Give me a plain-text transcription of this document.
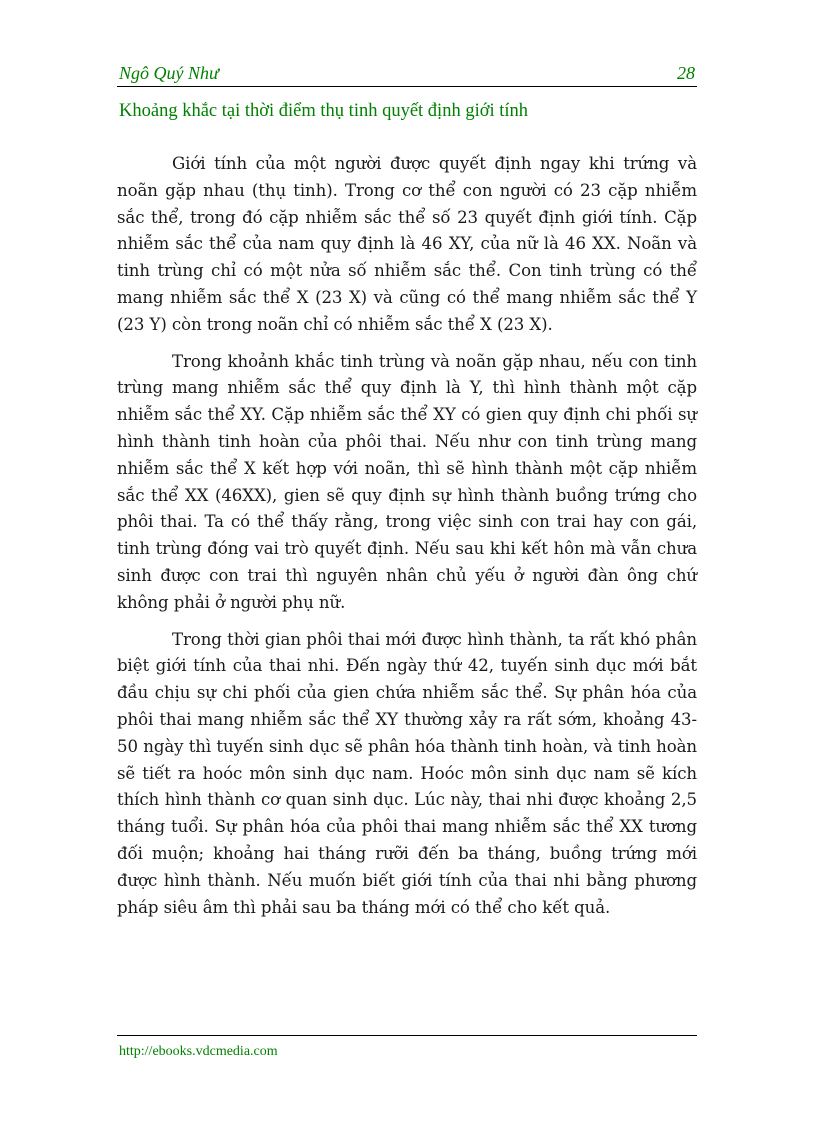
Ngô Quý Như	28
Khoảng khắc tại thời điểm thụ tinh quyết định giới tính

Giới tính của một người được quyết định ngay khi trứng và noãn gặp nhau (thụ tinh). Trong cơ thể con người có 23 cặp nhiễm sắc thể, trong đó cặp nhiễm sắc thể số 23 quyết định giới tính. Cặp nhiễm sắc thể của nam quy định là 46 XY, của nữ là 46 XX. Noãn và tinh trùng chỉ có một nửa số nhiễm sắc thể. Con tinh trùng có thể mang nhiễm sắc thể X (23 X) và cũng có thể mang nhiễm sắc thể Y (23 Y) còn trong noãn chỉ có nhiễm sắc thể X (23 X).

Trong khoảnh khắc tinh trùng và noãn gặp nhau, nếu con tinh trùng mang nhiễm sắc thể quy định là Y, thì hình thành một cặp nhiễm sắc thể XY. Cặp nhiễm sắc thể XY có gien quy định chi phối sự hình thành tinh hoàn của phôi thai. Nếu như con tinh trùng mang nhiễm sắc thể X kết hợp với noãn, thì sẽ hình thành một cặp nhiễm sắc thể XX (46XX), gien sẽ quy định sự hình thành buồng trứng cho phôi thai. Ta có thể thấy rằng, trong việc sinh con trai hay con gái, tinh trùng đóng vai trò quyết định. Nếu sau khi kết hôn mà vẫn chưa sinh được con trai thì nguyên nhân chủ yếu ở người đàn ông chứ không phải ở người phụ nữ.

Trong thời gian phôi thai mới được hình thành, ta rất khó phân biệt giới tính của thai nhi. Đến ngày thứ 42, tuyến sinh dục mới bắt đầu chịu sự chi phối của gien chứa nhiễm sắc thể. Sự phân hóa của phôi thai mang nhiễm sắc thể XY thường xảy ra rất sớm, khoảng 43-50 ngày thì tuyến sinh dục sẽ phân hóa thành tinh hoàn, và tinh hoàn sẽ tiết ra hoóc môn sinh dục nam. Hoóc môn sinh dục nam sẽ kích thích hình thành cơ quan sinh dục. Lúc này, thai nhi được khoảng 2,5 tháng tuổi. Sự phân hóa của phôi thai mang nhiễm sắc thể XX tương đối muộn; khoảng hai tháng rưỡi đến ba tháng, buồng trứng mới được hình thành. Nếu muốn biết giới tính của thai nhi bằng phương pháp siêu âm thì phải sau ba tháng mới có thể cho kết quả.

http://ebooks.vdcmedia.com
